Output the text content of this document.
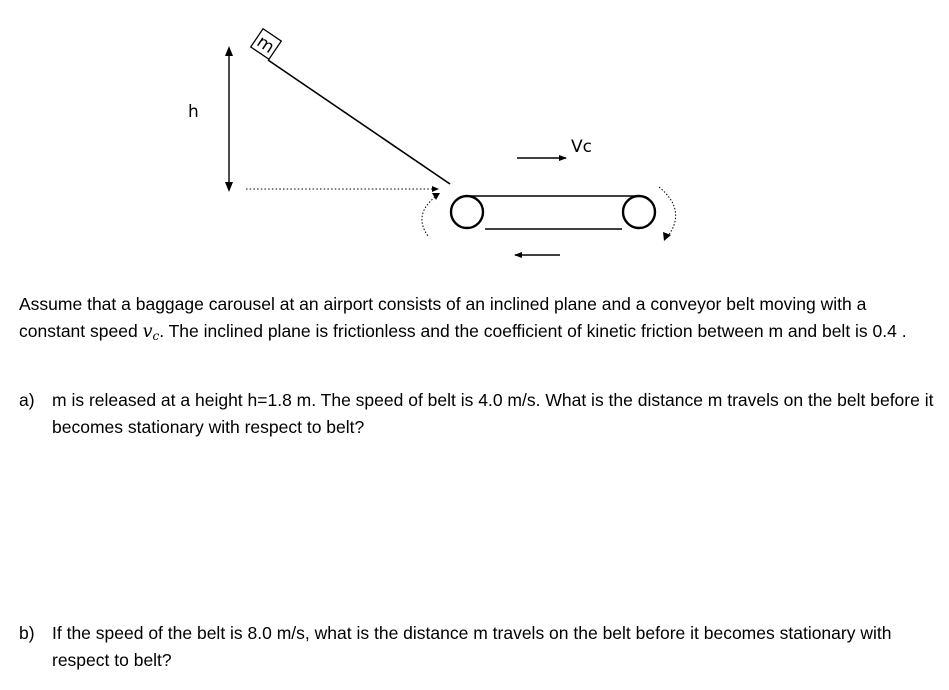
h
m
Vc

Assume that a baggage carousel at an airport consists of an inclined plane and a conveyor belt moving with a constant speed vc. The inclined plane is frictionless and the coefficient of kinetic friction between m and belt is 0.4 .

a) m is released at a height h=1.8 m. The speed of belt is 4.0 m/s. What is the distance m travels on the belt before it becomes stationary with respect to belt?
b) If the speed of the belt is 8.0 m/s, what is the distance m travels on the belt before it becomes stationary with respect to belt?
